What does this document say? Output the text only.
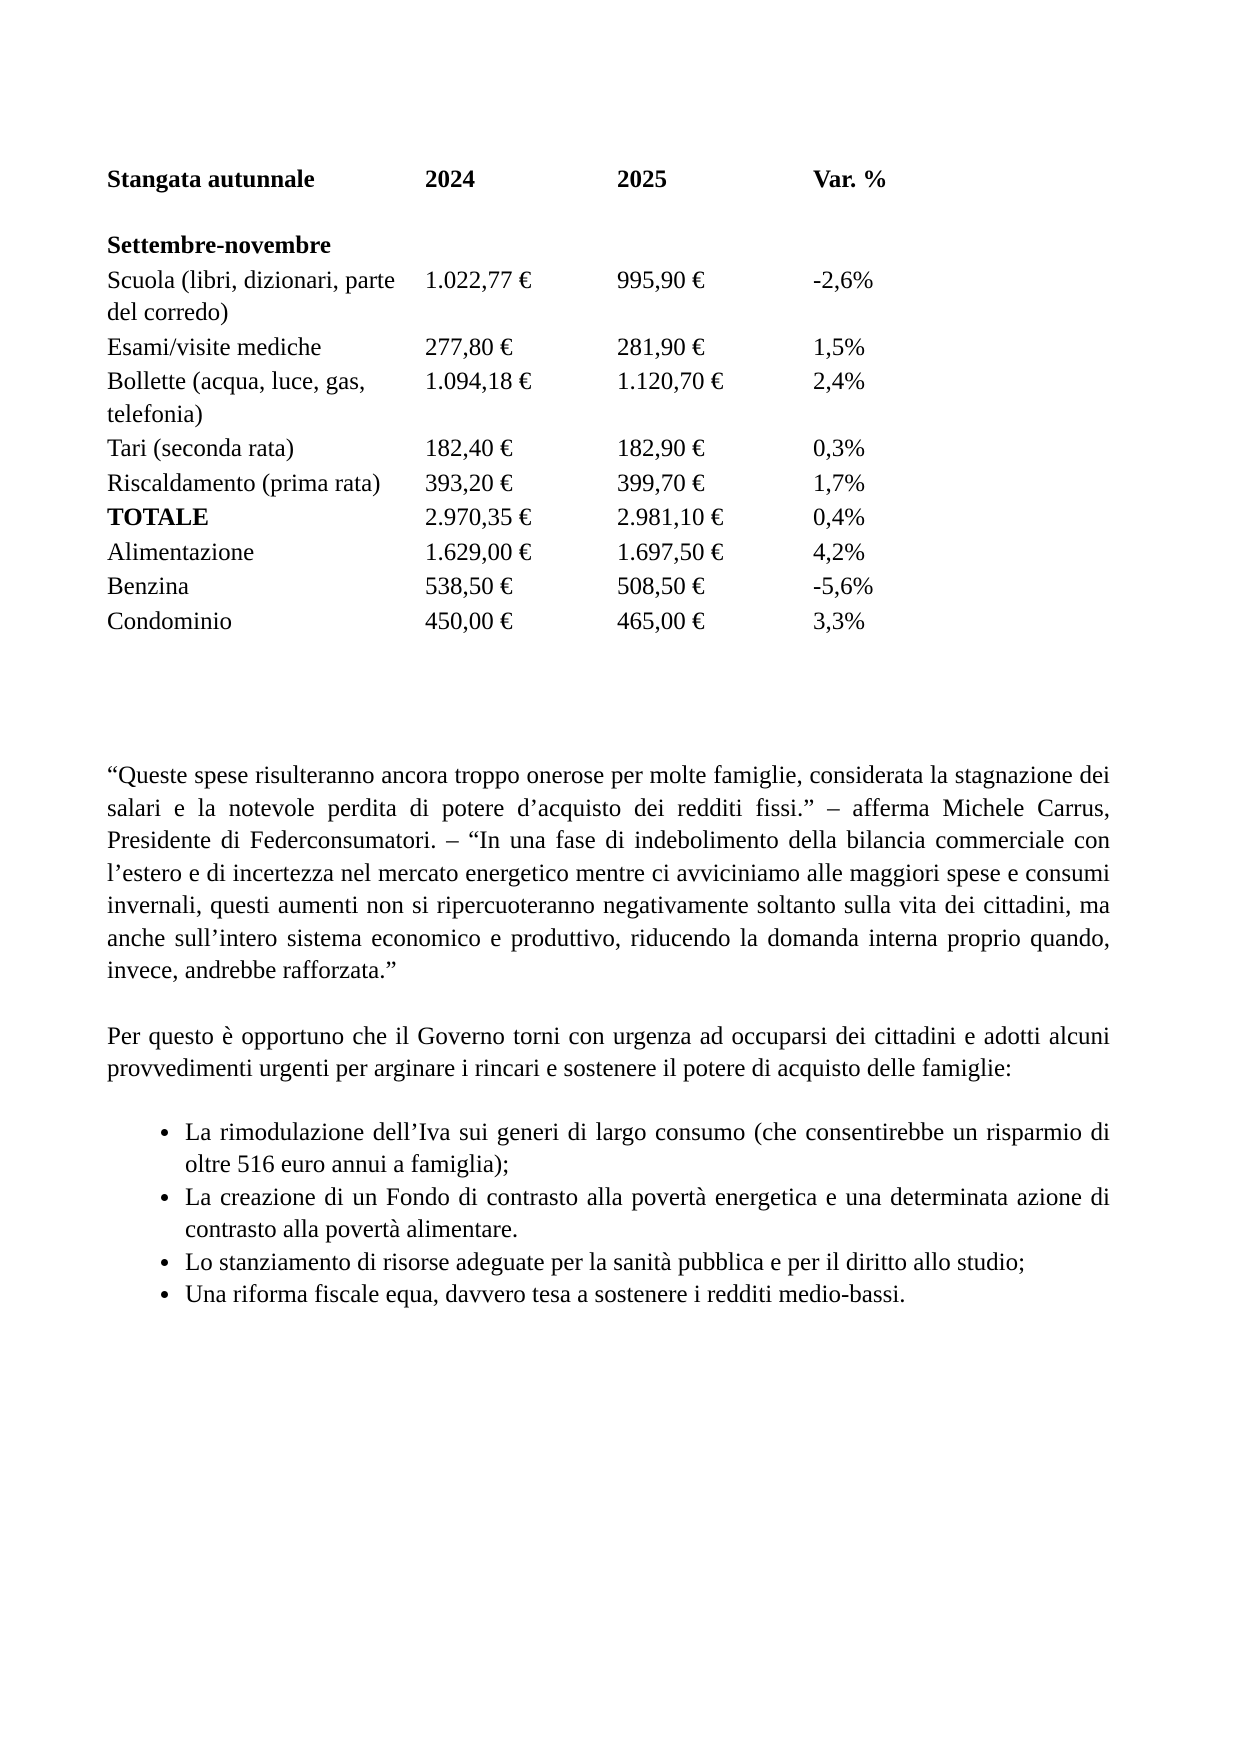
Stangata autunnale	2024	2025	Var. %
Settembre-novembre			
Scuola (libri, dizionari, parte del corredo)	1.022,77 €	995,90 €	-2,6%
Esami/visite mediche	277,80 €	281,90 €	1,5%
Bollette (acqua, luce, gas, telefonia)	1.094,18 €	1.120,70 €	2,4%
Tari (seconda rata)	182,40 €	182,90 €	0,3%
Riscaldamento (prima rata)	393,20 €	399,70 €	1,7%
TOTALE	2.970,35 €	2.981,10 €	0,4%
Alimentazione	1.629,00 €	1.697,50 €	4,2%
Benzina	538,50 €	508,50 €	-5,6%
Condominio	450,00 €	465,00 €	3,3%

“Queste spese risulteranno ancora troppo onerose per molte famiglie, considerata la stagnazione dei salari e la notevole perdita di potere d’acquisto dei redditi fissi.” – afferma Michele Carrus, Presidente di Federconsumatori. – “In una fase di indebolimento della bilancia commerciale con l’estero e di incertezza nel mercato energetico mentre ci avviciniamo alle maggiori spese e consumi invernali, questi aumenti non si ripercuoteranno negativamente soltanto sulla vita dei cittadini, ma anche sull’intero sistema economico e produttivo, riducendo la domanda interna proprio quando, invece, andrebbe rafforzata.”

Per questo è opportuno che il Governo torni con urgenza ad occuparsi dei cittadini e adotti alcuni provvedimenti urgenti per arginare i rincari e sostenere il potere di acquisto delle famiglie:

• La rimodulazione dell’Iva sui generi di largo consumo (che consentirebbe un risparmio di oltre 516 euro annui a famiglia);
• La creazione di un Fondo di contrasto alla povertà energetica e una determinata azione di contrasto alla povertà alimentare.
• Lo stanziamento di risorse adeguate per la sanità pubblica e per il diritto allo studio;
• Una riforma fiscale equa, davvero tesa a sostenere i redditi medio-bassi.
